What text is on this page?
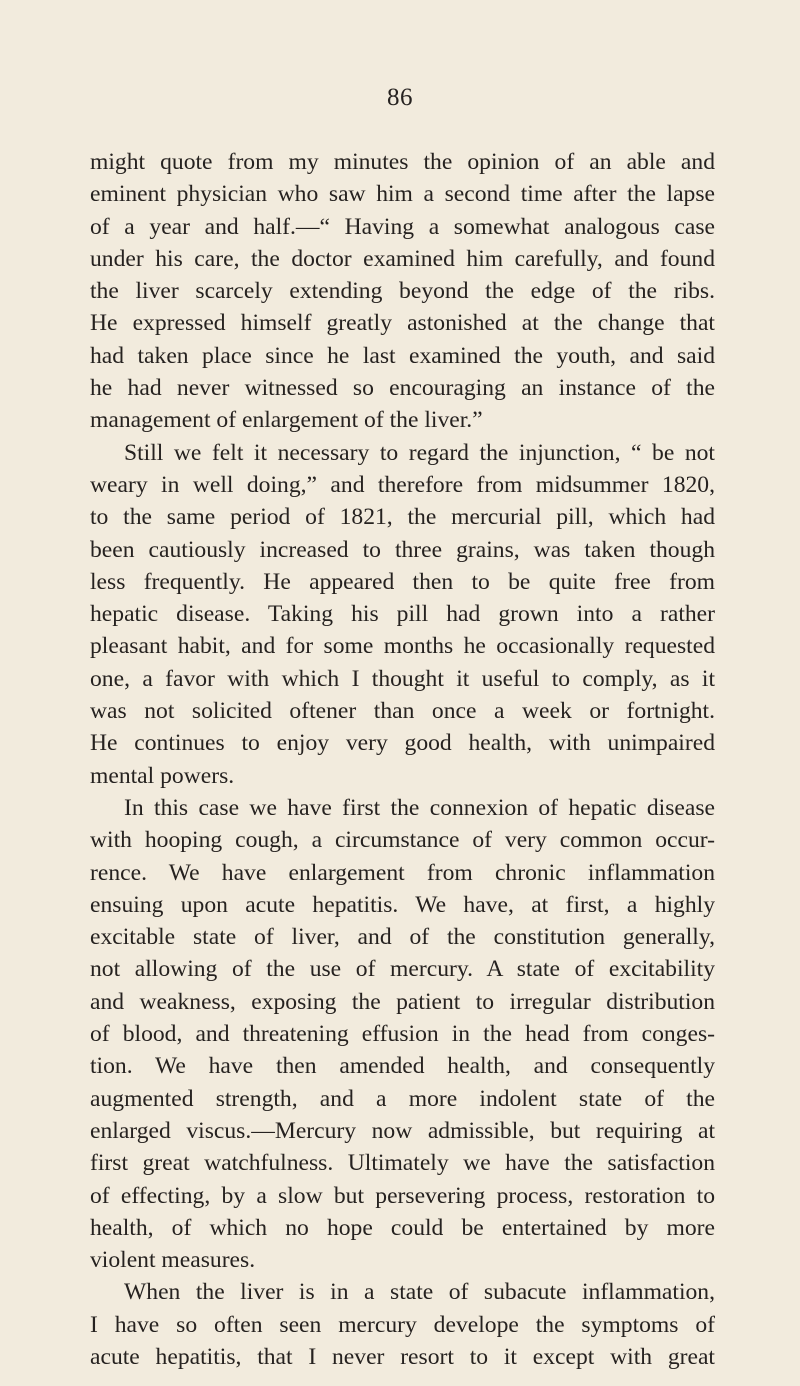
86

might quote from my minutes the opinion of an able and

eminent physician who saw him a second time after the lapse

of a year and half.—“ Having a somewhat analogous case

under his care, the doctor examined him carefully, and found

the liver scarcely extending beyond the edge of the ribs.

He expressed himself greatly astonished at the change that

had taken place since he last examined the youth, and said

he had never witnessed so encouraging an instance of the

management of enlargement of the liver.”

Still we felt it necessary to regard the injunction, “ be not

weary in well doing,” and therefore from midsummer 1820,

to the same period of 1821, the mercurial pill, which had

been cautiously increased to three grains, was taken though

less frequently. He appeared then to be quite free from

hepatic disease. Taking his pill had grown into a rather

pleasant habit, and for some months he occasionally requested

one, a favor with which I thought it useful to comply, as it

was not solicited oftener than once a week or fortnight.

He continues to enjoy very good health, with unimpaired

mental powers.

In this case we have first the connexion of hepatic disease

with hooping cough, a circumstance of very common occur-

rence. We have enlargement from chronic inflammation

ensuing upon acute hepatitis. We have, at first, a highly

excitable state of liver, and of the constitution generally,

not allowing of the use of mercury. A state of excitability

and weakness, exposing the patient to irregular distribution

of blood, and threatening effusion in the head from conges-

tion. We have then amended health, and consequently

augmented strength, and a more indolent state of the

enlarged viscus.—Mercury now admissible, but requiring at

first great watchfulness. Ultimately we have the satisfaction

of effecting, by a slow but persevering process, restoration to

health, of which no hope could be entertained by more

violent measures.

When the liver is in a state of subacute inflammation,

I have so often seen mercury develope the symptoms of

acute hepatitis, that I never resort to it except with great
